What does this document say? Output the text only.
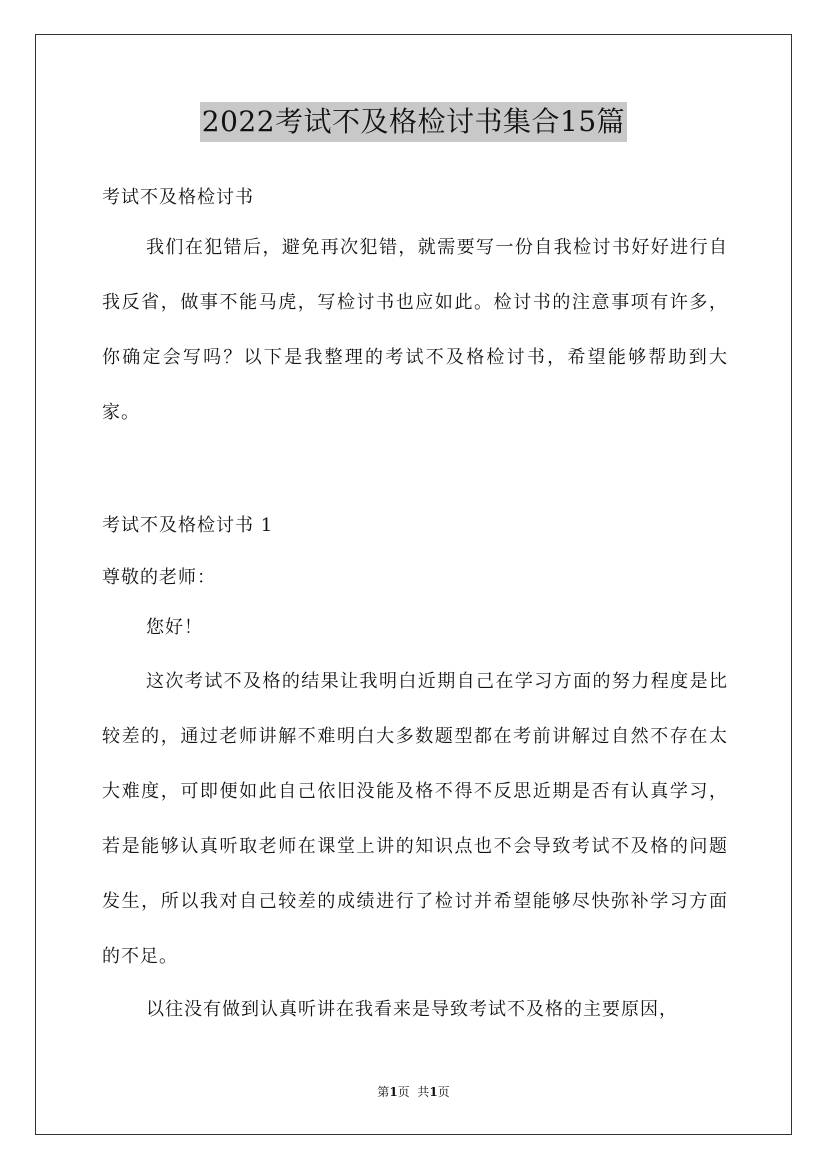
2022考试不及格检讨书集合15篇

考试不及格检讨书

我们在犯错后，避免再次犯错，就需要写一份自我检讨书好好进行自我反省，做事不能马虎，写检讨书也应如此。检讨书的注意事项有许多，你确定会写吗？以下是我整理的考试不及格检讨书，希望能够帮助到大家。

考试不及格检讨书 1

尊敬的老师：

您好！

这次考试不及格的结果让我明白近期自己在学习方面的努力程度是比较差的，通过老师讲解不难明白大多数题型都在考前讲解过自然不存在太大难度，可即便如此自己依旧没能及格不得不反思近期是否有认真学习，若是能够认真听取老师在课堂上讲的知识点也不会导致考试不及格的问题发生，所以我对自己较差的成绩进行了检讨并希望能够尽快弥补学习方面的不足。

以往没有做到认真听讲在我看来是导致考试不及格的主要原因，

第1页  共1页
